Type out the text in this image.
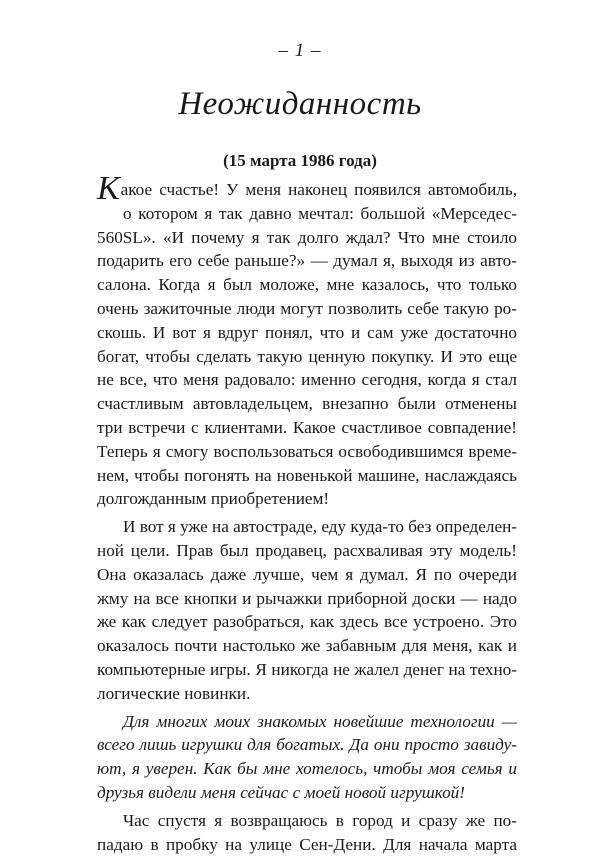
– 1 –
Неожиданность
(15 марта 1986 года)
Какое счастье! У меня наконец появился автомобиль,
о котором я так давно мечтал: большой «Мерседес-
560SL». «И почему я так долго ждал? Что мне стоило
подарить его себе раньше?» — думал я, выходя из авто-
салона. Когда я был моложе, мне казалось, что только
очень зажиточные люди могут позволить себе такую ро-
скошь. И вот я вдруг понял, что и сам уже достаточно
богат, чтобы сделать такую ценную покупку. И это еще
не все, что меня радовало: именно сегодня, когда я стал
счастливым автовладельцем, внезапно были отменены
три встречи с клиентами. Какое счастливое совпадение!
Теперь я смогу воспользоваться освободившимся време-
нем, чтобы погонять на новенькой машине, наслаждаясь
долгожданным приобретением!
И вот я уже на автостраде, еду куда-то без определен-
ной цели. Прав был продавец, расхваливая эту модель!
Она оказалась даже лучше, чем я думал. Я по очереди
жму на все кнопки и рычажки приборной доски — надо
же как следует разобраться, как здесь все устроено. Это
оказалось почти настолько же забавным для меня, как и
компьютерные игры. Я никогда не жалел денег на техно-
логические новинки.
Для многих моих знакомых новейшие технологии —
всего лишь игрушки для богатых. Да они просто завиду-
ют, я уверен. Как бы мне хотелось, чтобы моя семья и
друзья видели меня сейчас с моей новой игрушкой!
Час спустя я возвращаюсь в город и сразу же по-
падаю в пробку на улице Сен-Дени. Для начала марта
